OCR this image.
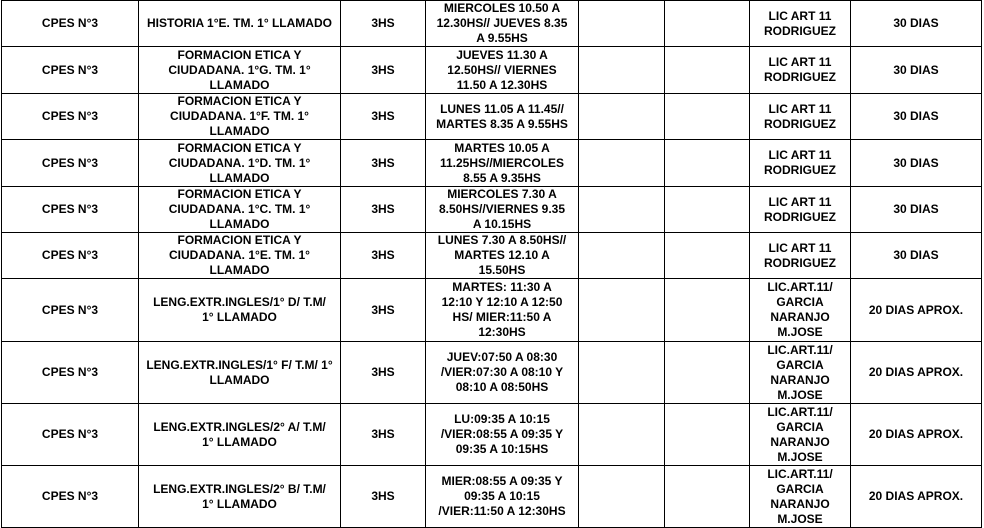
CPES N°3	HISTORIA 1°E. TM. 1° LLAMADO	3HS	MIERCOLES 10.50 A
12.30HS// JUEVES 8.35
A 9.55HS			LIC ART 11
RODRIGUEZ	30 DIAS
CPES N°3	FORMACION ETICA Y
CIUDADANA. 1°G. TM. 1°
LLAMADO	3HS	JUEVES 11.30 A
12.50HS// VIERNES
11.50 A 12.30HS			LIC ART 11
RODRIGUEZ	30 DIAS
CPES N°3	FORMACION ETICA Y
CIUDADANA. 1°F. TM. 1°
LLAMADO	3HS	LUNES 11.05 A 11.45//
MARTES 8.35 A 9.55HS			LIC ART 11
RODRIGUEZ	30 DIAS
CPES N°3	FORMACION ETICA Y
CIUDADANA. 1°D. TM. 1°
LLAMADO	3HS	MARTES 10.05 A
11.25HS//MIERCOLES
8.55 A 9.35HS			LIC ART 11
RODRIGUEZ	30 DIAS
CPES N°3	FORMACION ETICA Y
CIUDADANA. 1°C. TM. 1°
LLAMADO	3HS	MIERCOLES 7.30 A
8.50HS//VIERNES 9.35
A 10.15HS			LIC ART 11
RODRIGUEZ	30 DIAS
CPES N°3	FORMACION ETICA Y
CIUDADANA. 1°E. TM. 1°
LLAMADO	3HS	LUNES 7.30 A 8.50HS//
MARTES 12.10 A
15.50HS			LIC ART 11
RODRIGUEZ	30 DIAS
CPES N°3	LENG.EXTR.INGLES/1° D/ T.M/
1° LLAMADO	3HS	MARTES: 11:30 A
12:10 Y 12:10 A 12:50
HS/ MIER:11:50 A
12:30HS			LIC.ART.11/
GARCIA
NARANJO
M.JOSE	20 DIAS APROX.
CPES N°3	LENG.EXTR.INGLES/1° F/ T.M/ 1°
LLAMADO	3HS	JUEV:07:50 A 08:30
/VIER:07:30 A 08:10 Y
08:10 A 08:50HS			LIC.ART.11/
GARCIA
NARANJO
M.JOSE	20 DIAS APROX.
CPES N°3	LENG.EXTR.INGLES/2° A/ T.M/
1° LLAMADO	3HS	LU:09:35 A 10:15
/VIER:08:55 A 09:35 Y
09:35 A 10:15HS			LIC.ART.11/
GARCIA
NARANJO
M.JOSE	20 DIAS APROX.
CPES N°3	LENG.EXTR.INGLES/2° B/ T.M/
1° LLAMADO	3HS	MIER:08:55 A 09:35 Y
09:35 A 10:15
/VIER:11:50 A 12:30HS			LIC.ART.11/
GARCIA
NARANJO
M.JOSE	20 DIAS APROX.
